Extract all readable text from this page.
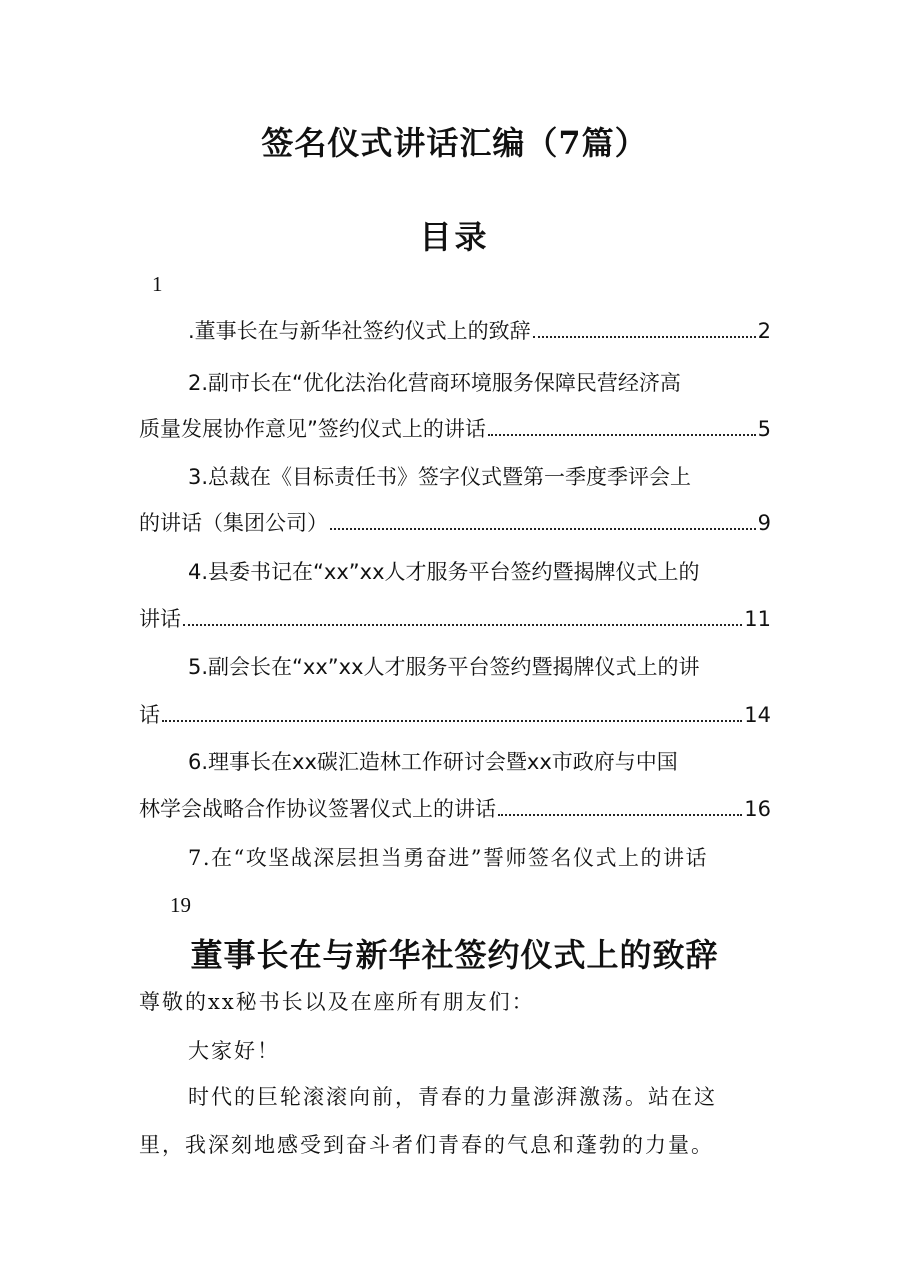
签名仪式讲话汇编（7篇）
目录
1
.董事长在与新华社签约仪式上的致辞	2
2.副市长在“优化法治化营商环境服务保障民营经济高
质量发展协作意见”签约仪式上的讲话	5
3.总裁在《目标责任书》签字仪式暨第一季度季评会上
的讲话（集团公司）	9
4.县委书记在“xx”xx人才服务平台签约暨揭牌仪式上的
讲话	11
5.副会长在“xx”xx人才服务平台签约暨揭牌仪式上的讲
话	14
6.理事长在xx碳汇造林工作研讨会暨xx市政府与中国
林学会战略合作协议签署仪式上的讲话	16
7.在“攻坚战深层担当勇奋进”誓师签名仪式上的讲话
19
董事长在与新华社签约仪式上的致辞
尊敬的xx秘书长以及在座所有朋友们：
大家好！
时代的巨轮滚滚向前，青春的力量澎湃激荡。站在这
里，我深刻地感受到奋斗者们青春的气息和蓬勃的力量。
